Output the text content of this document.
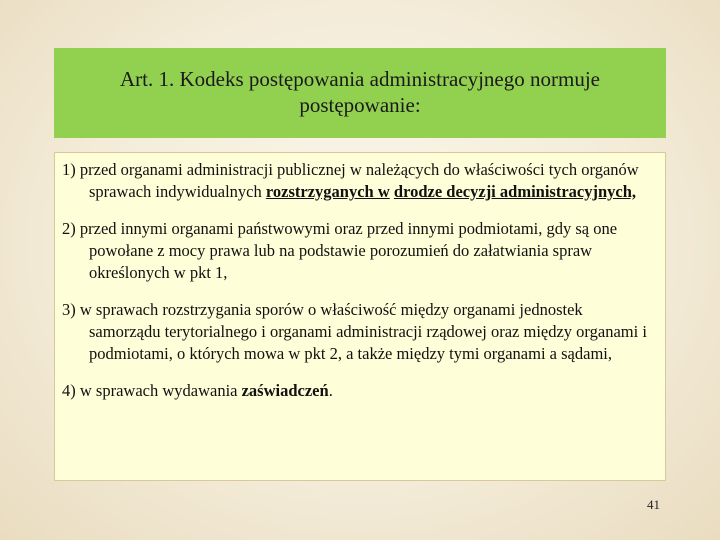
Art. 1. Kodeks postępowania administracyjnego normuje postępowanie:

1) przed organami administracji publicznej w należących do właściwości tych organów sprawach indywidualnych rozstrzyganych w drodze decyzji administracyjnych,

2) przed innymi organami państwowymi oraz przed innymi podmiotami, gdy są one powołane z mocy prawa lub na podstawie porozumień do załatwiania spraw określonych w pkt 1,

3) w sprawach rozstrzygania sporów o właściwość między organami jednostek samorządu terytorialnego i organami administracji rządowej oraz między organami i podmiotami, o których mowa w pkt 2, a także między tymi organami a sądami,

4) w sprawach wydawania zaświadczeń.

41
